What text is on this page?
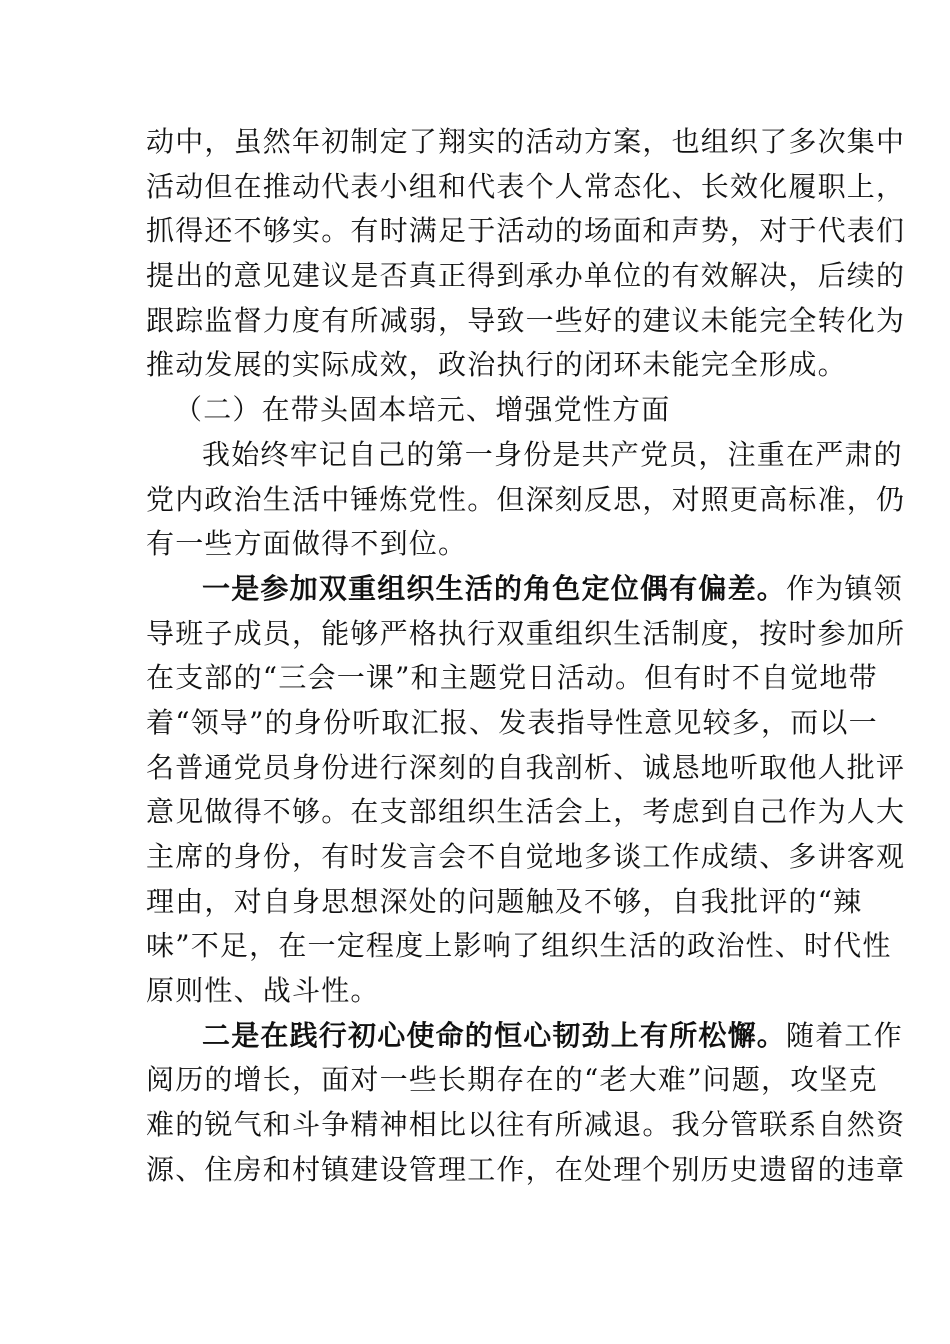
动中，虽然年初制定了翔实的活动方案，也组织了多次集中
活动但在推动代表小组和代表个人常态化、长效化履职上，
抓得还不够实。有时满足于活动的场面和声势，对于代表们
提出的意见建议是否真正得到承办单位的有效解决，后续的
跟踪监督力度有所减弱，导致一些好的建议未能完全转化为
推动发展的实际成效，政治执行的闭环未能完全形成。
（二）在带头固本培元、增强党性方面
我始终牢记自己的第一身份是共产党员，注重在严肃的
党内政治生活中锤炼党性。但深刻反思，对照更高标准，仍
有一些方面做得不到位。
一是参加双重组织生活的角色定位偶有偏差。作为镇领
导班子成员，能够严格执行双重组织生活制度，按时参加所
在支部的“三会一课”和主题党日活动。但有时不自觉地带
着“领导”的身份听取汇报、发表指导性意见较多，而以一
名普通党员身份进行深刻的自我剖析、诚恳地听取他人批评
意见做得不够。在支部组织生活会上，考虑到自己作为人大
主席的身份，有时发言会不自觉地多谈工作成绩、多讲客观
理由，对自身思想深处的问题触及不够，自我批评的“辣
味”不足，在一定程度上影响了组织生活的政治性、时代性
原则性、战斗性。
二是在践行初心使命的恒心韧劲上有所松懈。随着工作
阅历的增长，面对一些长期存在的“老大难”问题，攻坚克
难的锐气和斗争精神相比以往有所减退。我分管联系自然资
源、住房和村镇建设管理工作，在处理个别历史遗留的违章
